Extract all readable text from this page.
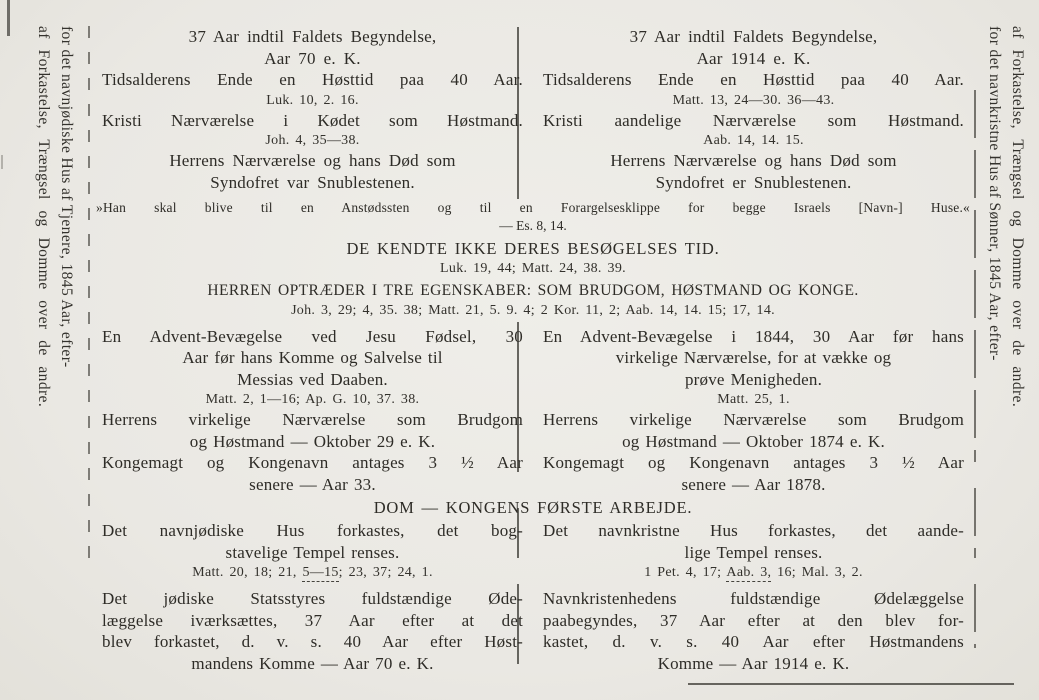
for det navnjødiske Hus af Tjenere, 1845 Aar, efter-
af Forkastelse, Trængsel og Domme over de andre.	af Forkastelse, Trængsel og Domme over de andre.
for det navnkristne Hus af Sønner, 1845 Aar, efter-
37 Aar indtil Faldets Begyndelse,
Aar 70 e. K.
37 Aar indtil Faldets Begyndelse,
Aar 1914 e. K.
Tidsalderens Ende en Høsttid paa 40 Aar.
Luk. 10, 2. 16.
Tidsalderens Ende en Høsttid paa 40 Aar.
Matt. 13, 24—30. 36—43.
Kristi Nærværelse i Kødet som Høstmand.
Joh. 4, 35—38.
Kristi aandelige Nærværelse som Høstmand.
Aab. 14, 14. 15.
Herrens Nærværelse og hans Død som
Syndofret var Snublestenen.
Herrens Nærværelse og hans Død som
Syndofret er Snublestenen.
»Han skal blive til en Anstødssten og til en Forargelsesklippe for begge Israels [Navn-] Huse.«
— Es. 8, 14.
DE KENDTE IKKE DERES BESØGELSES TID.
Luk. 19, 44; Matt. 24, 38. 39.
HERREN OPTRÆDER I TRE EGENSKABER: SOM BRUDGOM, HØSTMAND OG KONGE.
Joh. 3, 29; 4, 35. 38; Matt. 21, 5. 9. 4; 2 Kor. 11, 2; Aab. 14, 14. 15; 17, 14.
En Advent-Bevægelse ved Jesu Fødsel, 30
Aar før hans Komme og Salvelse til
Messias ved Daaben.
Matt. 2, 1—16; Ap. G. 10, 37. 38.
En Advent-Bevægelse i 1844, 30 Aar før hans
virkelige Nærværelse, for at vække og
prøve Menigheden.
Matt. 25, 1.
Herrens virkelige Nærværelse som Brudgom
og Høstmand — Oktober 29 e. K.
Herrens virkelige Nærværelse som Brudgom
og Høstmand — Oktober 1874 e. K.
Kongemagt og Kongenavn antages 3 ½ Aar
senere — Aar 33.
Kongemagt og Kongenavn antages 3 ½ Aar
senere — Aar 1878.
DOM — KONGENS FØRSTE ARBEJDE.
Det navnjødiske Hus forkastes, det bog-
stavelige Tempel renses.
Matt. 20, 18; 21, 5—15; 23, 37; 24, 1.
Det navnkristne Hus forkastes, det aande-
lige Tempel renses.
1 Pet. 4, 17; Aab. 3, 16; Mal. 3, 2.
Det jødiske Statsstyres fuldstændige Øde-
læggelse iværksættes, 37 Aar efter at det
blev forkastet, d. v. s. 40 Aar efter Høst-
mandens Komme — Aar 70 e. K.
Navnkristenhedens fuldstændige Ødelæggelse
paabegyndes, 37 Aar efter at den blev for-
kastet, d. v. s. 40 Aar efter Høstmandens
Komme — Aar 1914 e. K.
